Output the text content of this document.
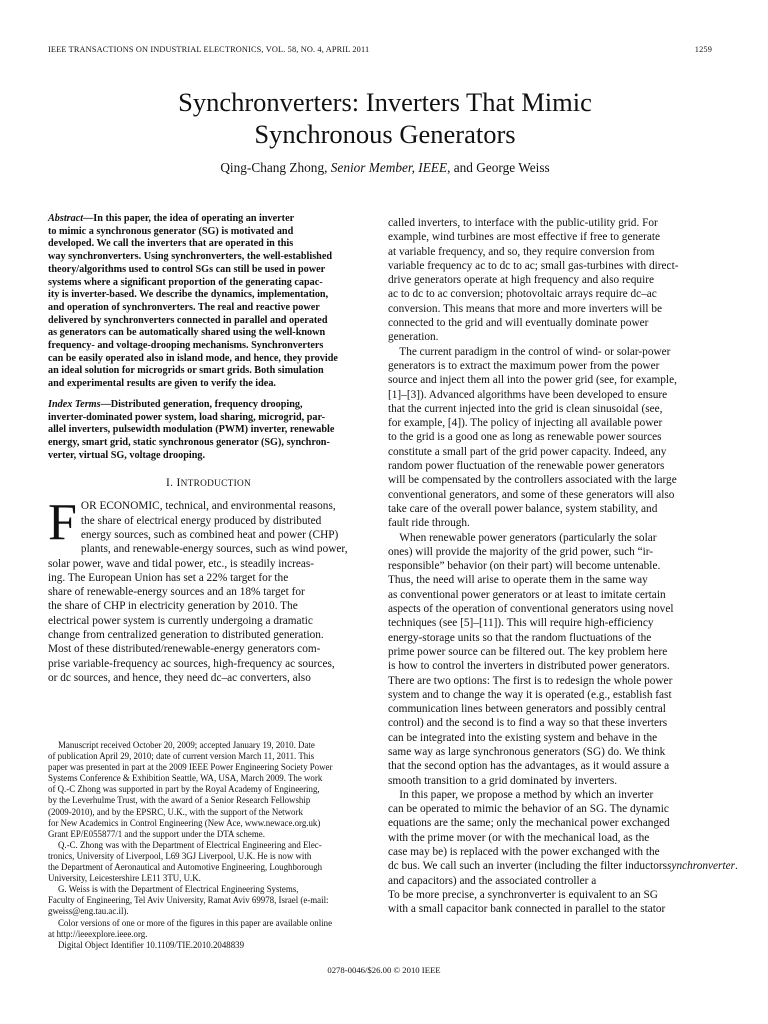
IEEE TRANSACTIONS ON INDUSTRIAL ELECTRONICS, VOL. 58, NO. 4, APRIL 2011	1259
Synchronverters: Inverters That Mimic
Synchronous Generators
Qing-Chang Zhong, Senior Member, IEEE, and George Weiss
Abstract—In this paper, the idea of operating an inverter
to mimic a synchronous generator (SG) is motivated and
developed. We call the inverters that are operated in this
way synchronverters. Using synchronverters, the well-established
theory/algorithms used to control SGs can still be used in power
systems where a significant proportion of the generating capac-
ity is inverter-based. We describe the dynamics, implementation,
and operation of synchronverters. The real and reactive power
delivered by synchronverters connected in parallel and operated
as generators can be automatically shared using the well-known
frequency- and voltage-drooping mechanisms. Synchronverters
can be easily operated also in island mode, and hence, they provide
an ideal solution for microgrids or smart grids. Both simulation
and experimental results are given to verify the idea.
Index Terms—Distributed generation, frequency drooping,
inverter-dominated power system, load sharing, microgrid, par-
allel inverters, pulsewidth modulation (PWM) inverter, renewable
energy, smart grid, static synchronous generator (SG), synchron-
verter, virtual SG, voltage drooping.
I. INTRODUCTION
F OR ECONOMIC, technical, and environmental reasons,
the share of electrical energy produced by distributed
energy sources, such as combined heat and power (CHP)
plants, and renewable-energy sources, such as wind power,
solar power, wave and tidal power, etc., is steadily increas-
ing. The European Union has set a 22% target for the
share of renewable-energy sources and an 18% target for
the share of CHP in electricity generation by 2010. The
electrical power system is currently undergoing a dramatic
change from centralized generation to distributed generation.
Most of these distributed/renewable-energy generators com-
prise variable-frequency ac sources, high-frequency ac sources,
or dc sources, and hence, they need dc–ac converters, also
Manuscript received October 20, 2009; accepted January 19, 2010. Date
of publication April 29, 2010; date of current version March 11, 2011. This
paper was presented in part at the 2009 IEEE Power Engineering Society Power
Systems Conference & Exhibition Seattle, WA, USA, March 2009. The work
of Q.-C Zhong was supported in part by the Royal Academy of Engineering,
by the Leverhulme Trust, with the award of a Senior Research Fellowship
(2009-2010), and by the EPSRC, U.K., with the support of the Network
for New Academics in Control Engineering (New Ace, www.newace.org.uk)
Grant EP/E055877/1 and the support under the DTA scheme.
Q.-C. Zhong was with the Department of Electrical Engineering and Elec-
tronics, University of Liverpool, L69 3GJ Liverpool, U.K. He is now with
the Department of Aeronautical and Automotive Engineering, Loughborough
University, Leicestershire LE11 3TU, U.K.
G. Weiss is with the Department of Electrical Engineering Systems,
Faculty of Engineering, Tel Aviv University, Ramat Aviv 69978, Israel (e-mail:
gweiss@eng.tau.ac.il).
Color versions of one or more of the figures in this paper are available online
at http://ieeexplore.ieee.org.
Digital Object Identifier 10.1109/TIE.2010.2048839
called inverters, to interface with the public-utility grid. For
example, wind turbines are most effective if free to generate
at variable frequency, and so, they require conversion from
variable frequency ac to dc to ac; small gas-turbines with direct-
drive generators operate at high frequency and also require
ac to dc to ac conversion; photovoltaic arrays require dc–ac
conversion. This means that more and more inverters will be
connected to the grid and will eventually dominate power
generation.
 The current paradigm in the control of wind- or solar-power
generators is to extract the maximum power from the power
source and inject them all into the power grid (see, for example,
[1]–[3]). Advanced algorithms have been developed to ensure
that the current injected into the grid is clean sinusoidal (see,
for example, [4]). The policy of injecting all available power
to the grid is a good one as long as renewable power sources
constitute a small part of the grid power capacity. Indeed, any
random power fluctuation of the renewable power generators
will be compensated by the controllers associated with the large
conventional generators, and some of these generators will also
take care of the overall power balance, system stability, and
fault ride through.
 When renewable power generators (particularly the solar
ones) will provide the majority of the grid power, such “ir-
responsible” behavior (on their part) will become untenable.
Thus, the need will arise to operate them in the same way
as conventional power generators or at least to imitate certain
aspects of the operation of conventional generators using novel
techniques (see [5]–[11]). This will require high-efficiency
energy-storage units so that the random fluctuations of the
prime power source can be filtered out. The key problem here
is how to control the inverters in distributed power generators.
There are two options: The first is to redesign the whole power
system and to change the way it is operated (e.g., establish fast
communication lines between generators and possibly central
control) and the second is to find a way so that these inverters
can be integrated into the existing system and behave in the
same way as large synchronous generators (SG) do. We think
that the second option has the advantages, as it would assure a
smooth transition to a grid dominated by inverters.
 In this paper, we propose a method by which an inverter
can be operated to mimic the behavior of an SG. The dynamic
equations are the same; only the mechanical power exchanged
with the prime mover (or with the mechanical load, as the
case may be) is replaced with the power exchanged with the
dc bus. We call such an inverter (including the filter inductorssynchronverter.
and capacitors) and the associated controller a
To be more precise, a synchronverter is equivalent to an SG
with a small capacitor bank connected in parallel to the stator
0278-0046/$26.00 © 2010 IEEE
